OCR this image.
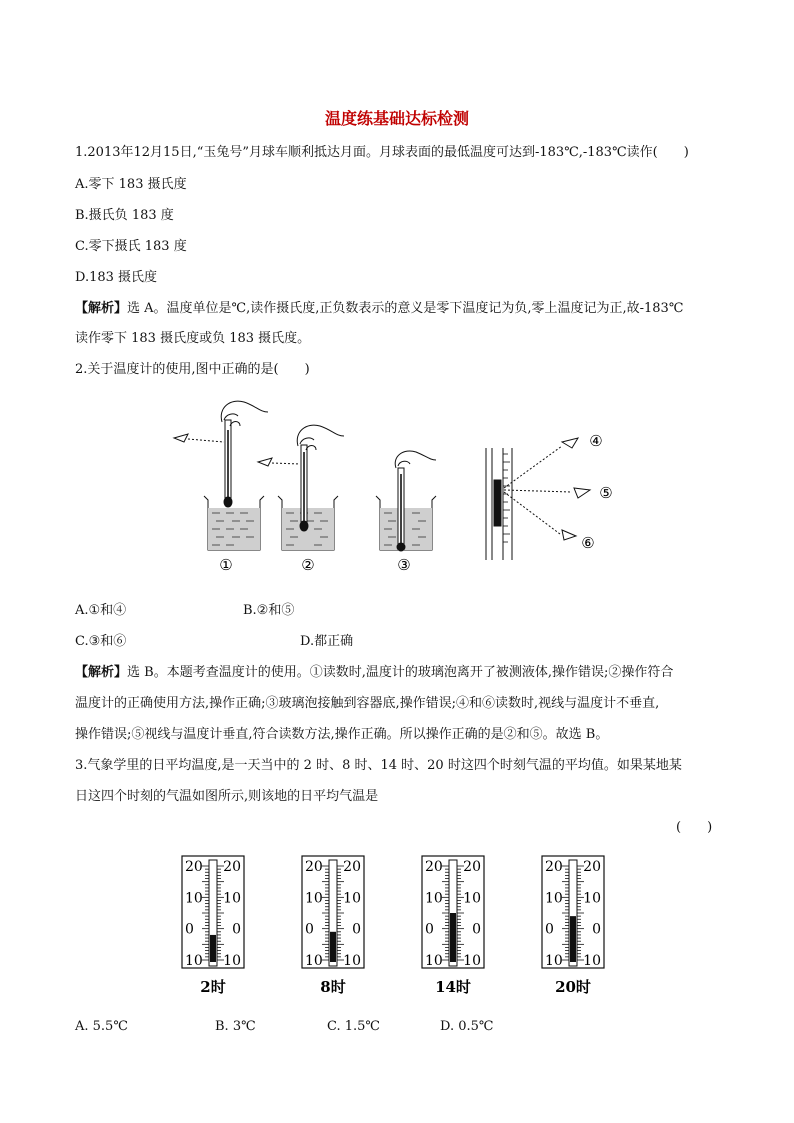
温度练基础达标检测
1.2013年12月15日,“玉兔号”月球车顺利抵达月面。月球表面的最低温度可达到-183℃,-183℃读作(　　)
A.零下 183 摄氏度
B.摄氏负 183 度
C.零下摄氏 183 度
D.183 摄氏度
【解析】选 A。温度单位是℃,读作摄氏度,正负数表示的意义是零下温度记为负,零上温度记为正,故-183℃
读作零下 183 摄氏度或负 183 摄氏度。
2.关于温度计的使用,图中正确的是(　　)
①	②	③
④
⑤
⑥
A.①和④	B.②和⑤
C.③和⑥	D.都正确
【解析】选 B。本题考查温度计的使用。①读数时,温度计的玻璃泡离开了被测液体,操作错误;②操作符合
温度计的正确使用方法,操作正确;③玻璃泡接触到容器底,操作错误;④和⑥读数时,视线与温度计不垂直,
操作错误;⑤视线与温度计垂直,符合读数方法,操作正确。所以操作正确的是②和⑤。故选 B。
3.气象学里的日平均温度,是一天当中的 2 时、8 时、14 时、20 时这四个时刻气温的平均值。如果某地某
日这四个时刻的气温如图所示,则该地的日平均气温是
(　　)
20 20
10 10
0	0
10 10
2时
20 20
10 10
0	0
10 10
8时
20 20
10 10
0	0
10 10
14时
20 20
10 10
0	0
10 10
20时
A. 5.5℃	B. 3℃	C. 1.5℃	D. 0.5℃
